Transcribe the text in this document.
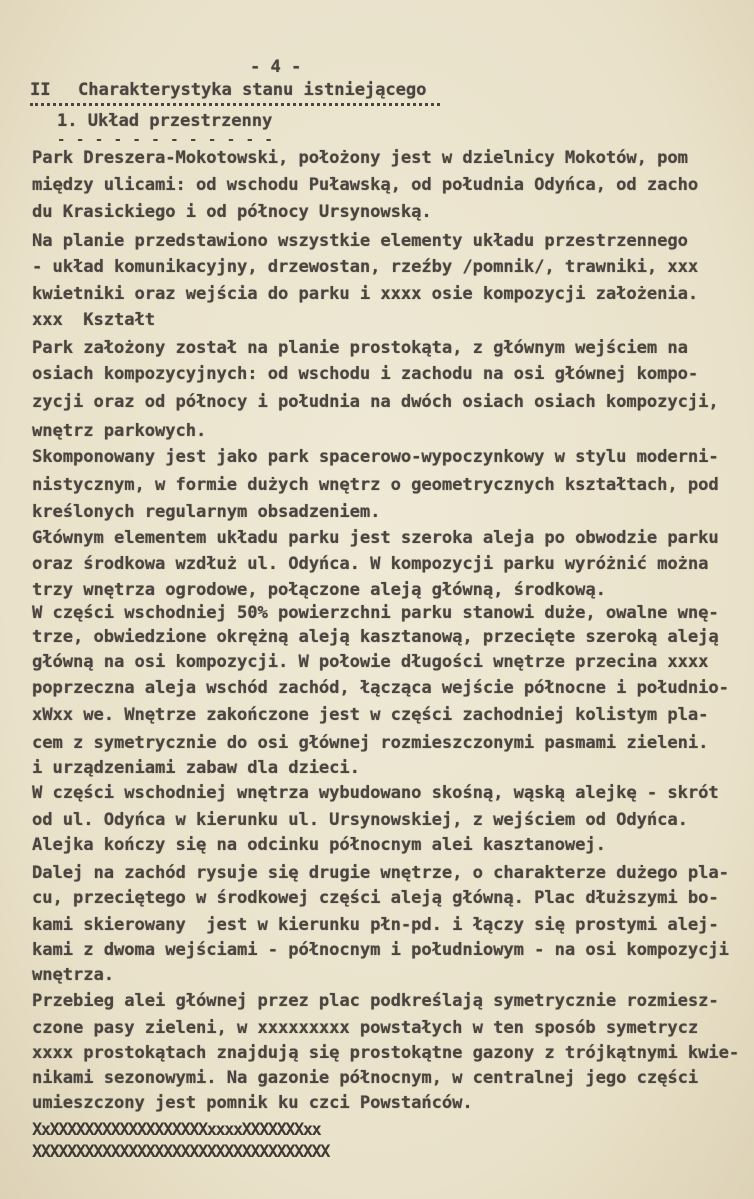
- 4 -
II Charakterystyka stanu istniejącego
1. Układ przestrzenny
- - - - - - - - - - - -
Park Dreszera-Mokotowski, położony jest w dzielnicy Mokotów, pom
między ulicami: od wschodu Puławską, od południa Odyńca, od zacho
du Krasickiego i od północy Ursynowską.
Na planie przedstawiono wszystkie elementy układu przestrzennego
- układ komunikacyjny, drzewostan, rzeźby /pomnik/, trawniki, xxx
kwietniki oraz wejścia do parku i xxxx osie kompozycji założenia.
xxx  Kształt
Park założony został na planie prostokąta, z głównym wejściem na
osiach kompozycyjnych: od wschodu i zachodu na osi głównej kompo-
zycji oraz od północy i południa na dwóch osiach osiach kompozycji,
wnętrz parkowych.
Skomponowany jest jako park spacerowo-wypoczynkowy w stylu moderni-
nistycznym, w formie dużych wnętrz o geometrycznych kształtach, pod
kreślonych regularnym obsadzeniem.
Głównym elementem układu parku jest szeroka aleja po obwodzie parku
oraz środkowa wzdłuż ul. Odyńca. W kompozycji parku wyróżnić można
trzy wnętrza ogrodowe, połączone aleją główną, środkową.
W części wschodniej 50% powierzchni parku stanowi duże, owalne wnę-
trze, obwiedzione okrężną aleją kasztanową, przecięte szeroką aleją
główną na osi kompozycji. W połowie długości wnętrze przecina xxxx
poprzeczna aleja wschód zachód, łącząca wejście północne i południo-
xWxx we. Wnętrze zakończone jest w części zachodniej kolistym pla-
cem z symetrycznie do osi głównej rozmieszczonymi pasmami zieleni.
i urządzeniami zabaw dla dzieci.
W części wschodniej wnętrza wybudowano skośną, wąską alejkę - skrót
od ul. Odyńca w kierunku ul. Ursynowskiej, z wejściem od Odyńca.
Alejka kończy się na odcinku północnym alei kasztanowej.
Dalej na zachód rysuje się drugie wnętrze, o charakterze dużego pla-
cu, przeciętego w środkowej części aleją główną. Plac dłuższymi bo-
kami skierowany  jest w kierunku płn-pd. i łączy się prostymi alej-
kami z dwoma wejściami - północnym i południowym - na osi kompozycji
wnętrza.
Przebieg alei głównej przez plac podkreślają symetrycznie rozmiesz-
czone pasy zieleni, w xxxxxxxxx powstałych w ten sposób symetrycz
xxxx prostokątach znajdują się prostokątne gazony z trójkątnymi kwie-
nikami sezonowymi. Na gazonie północnym, w centralnej jego części
umieszczony jest pomnik ku czci Powstańców.
XxXXXXXXXXXXXXXXXXXXxxxxXXXXXXXxx
XXXXXXXXXXXXXXXXXXXXXXXXXXXXXXXXXX
